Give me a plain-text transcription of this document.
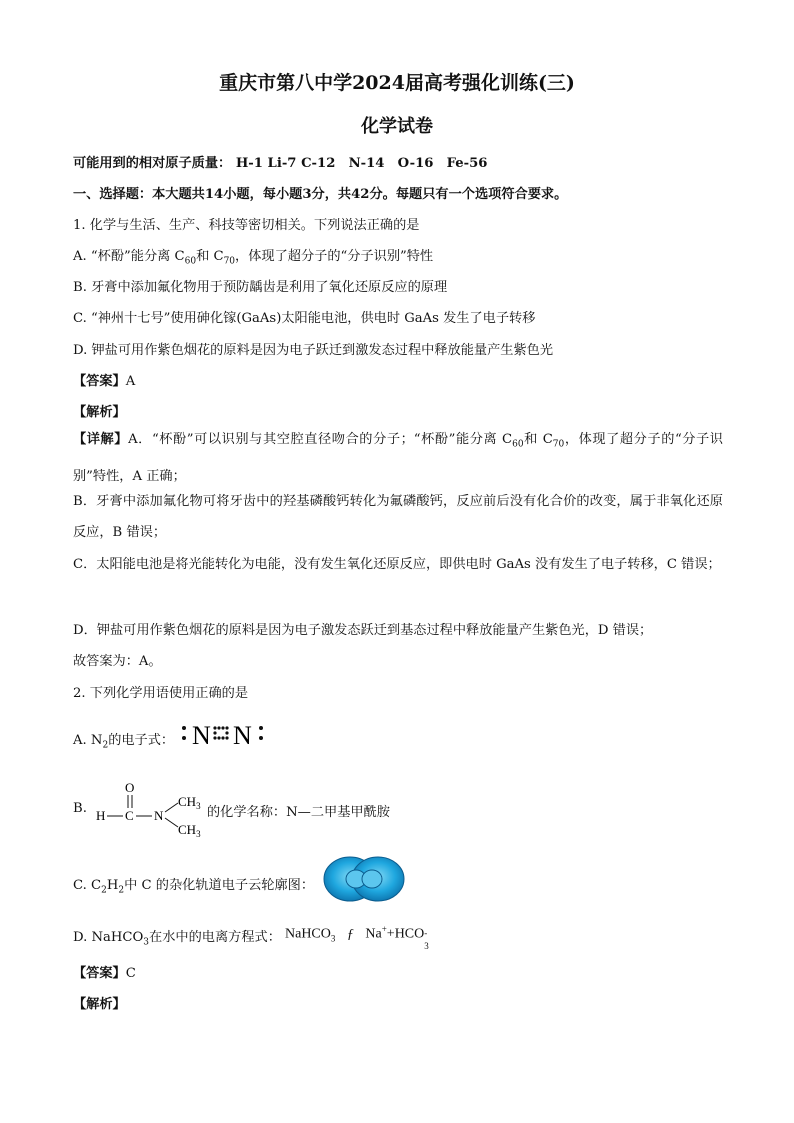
重庆市第八中学2024届高考强化训练(三)
化学试卷
可能用到的相对原子质量： H-1 Li-7 C-12　N-14　O-16　Fe-56
一、选择题：本大题共14小题，每小题3分，共42分。每题只有一个选项符合要求。
1. 化学与生活、生产、科技等密切相关。下列说法正确的是
A. “杯酚”能分离 $C_{60}$和 $C_{70}$，体现了超分子的“分子识别”特性
B. 牙膏中添加氟化物用于预防龋齿是利用了氧化还原反应的原理
C. “神州十七号”使用砷化镓(GaAs)太阳能电池，供电时 GaAs 发生了电子转移
D. 钾盐可用作紫色烟花的原料是因为电子跃迁到激发态过程中释放能量产生紫色光
【答案】A
【解析】
【详解】A．“杯酚”可以识别与其空腔直径吻合的分子；“杯酚”能分离 $C_{60}$和 $C_{70}$，体现了超分子的“分子识别”特性，A 正确；
B．牙膏中添加氟化物可将牙齿中的羟基磷酸钙转化为氟磷酸钙，反应前后没有化合价的改变，属于非氧化还原反应，B 错误；
C．太阳能电池是将光能转化为电能，没有发生氧化还原反应，即供电时 GaAs 没有发生了电子转移，C 错误；
D．钾盐可用作紫色烟花的原料是因为电子激发态跃迁到基态过程中释放能量产生紫色光，D 错误；
故答案为：A。
2. 下列化学用语使用正确的是
A. $N_2$的电子式： N N
B.
O
H C N
$CH_3$
$CH_3$
的化学名称：N—二甲基甲酰胺
C. $C_2H_2$中 C 的杂化轨道电子云轮廓图：
D. NaHCO$_3$在水中的电离方程式： NaHCO$_3$ ƒ Na++HCO -
3
【答案】C
【解析】
